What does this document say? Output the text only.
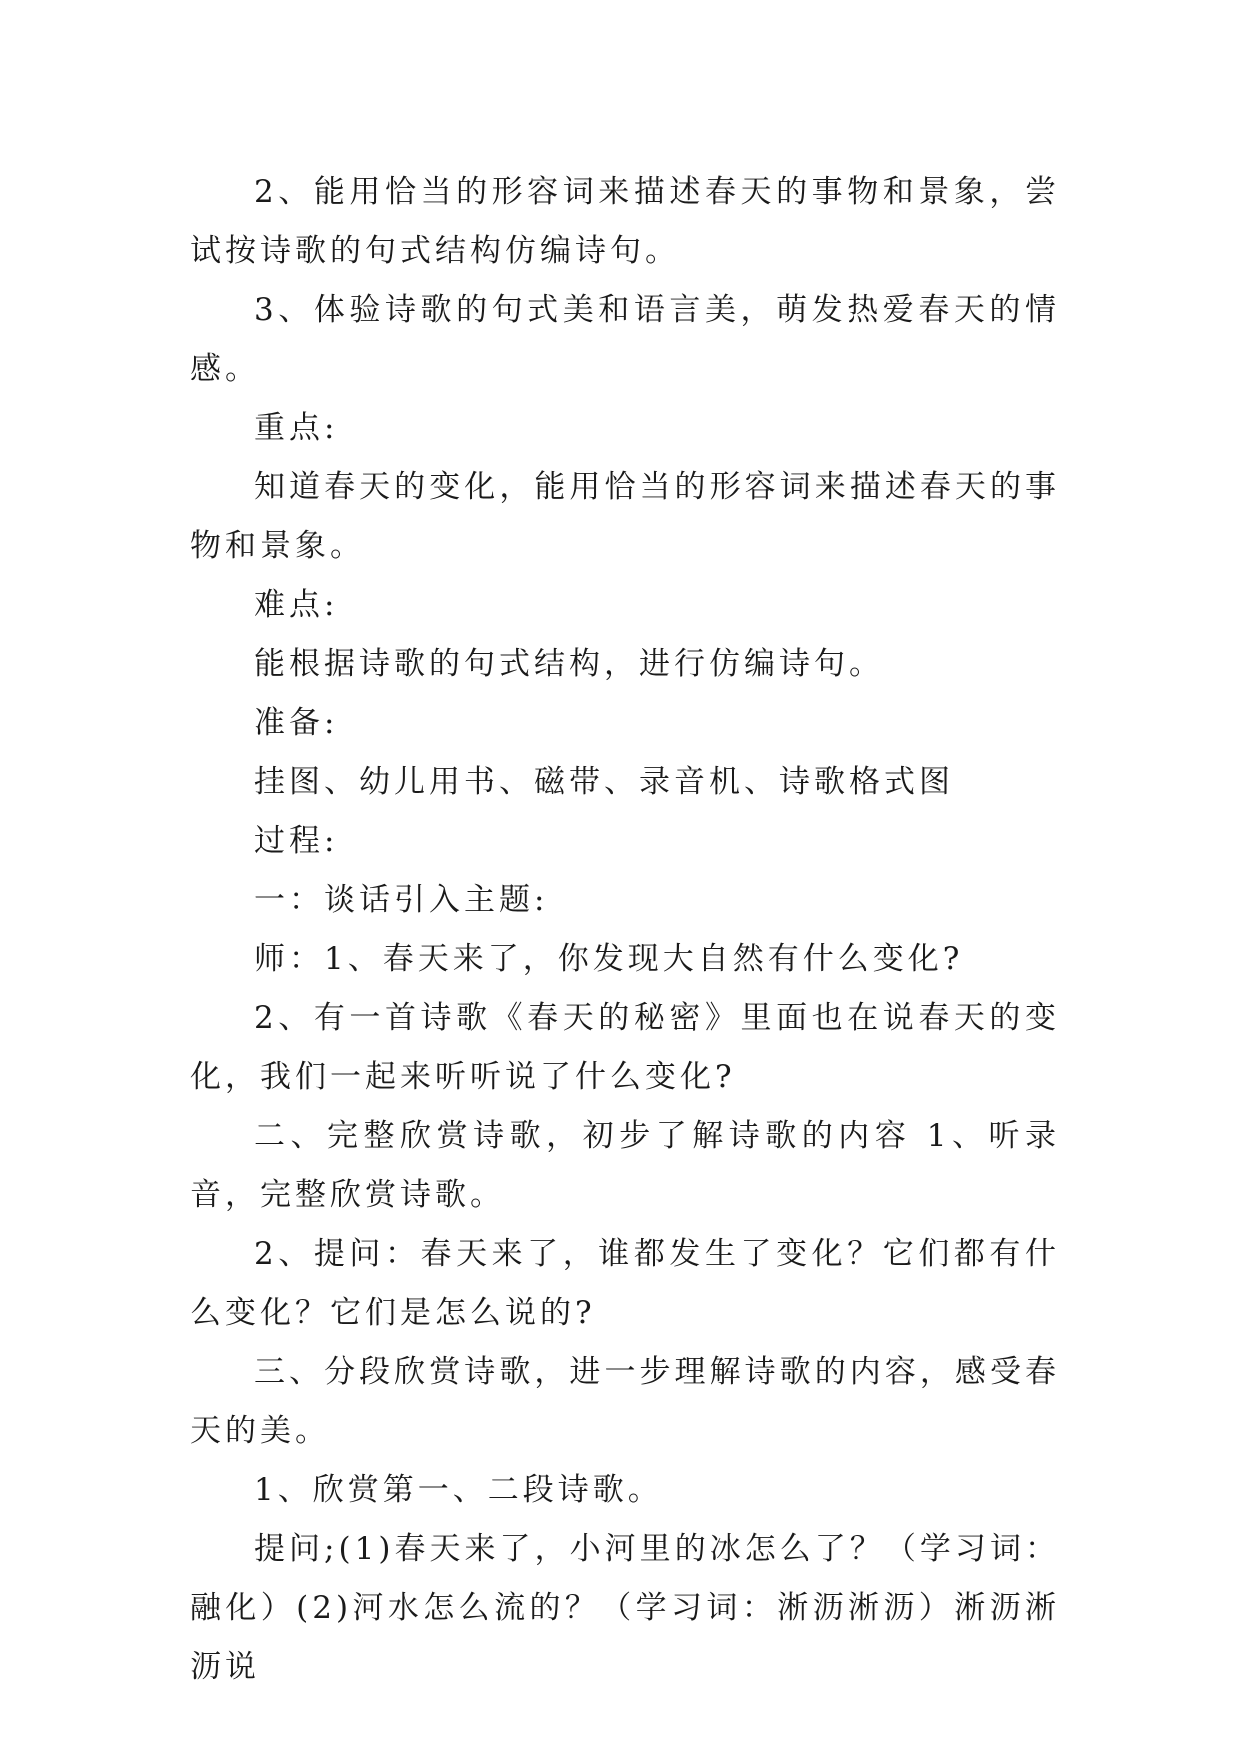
2、能用恰当的形容词来描述春天的事物和景象，尝试按诗歌的句式结构仿编诗句。

3、体验诗歌的句式美和语言美，萌发热爱春天的情感。

重点:

知道春天的变化，能用恰当的形容词来描述春天的事物和景象。

难点:

能根据诗歌的句式结构，进行仿编诗句。

准备:

挂图、幼儿用书、磁带、录音机、诗歌格式图

过程:

一：谈话引入主题:

师：1、春天来了，你发现大自然有什么变化?

2、有一首诗歌《春天的秘密》里面也在说春天的变化，我们一起来听听说了什么变化?

二、完整欣赏诗歌，初步了解诗歌的内容 1、听录音，完整欣赏诗歌。

2、提问：春天来了，谁都发生了变化？它们都有什么变化？它们是怎么说的?

三、分段欣赏诗歌，进一步理解诗歌的内容，感受春天的美。

1、欣赏第一、二段诗歌。

提问;(1)春天来了，小河里的冰怎么了？（学习词：融化）(2)河水怎么流的？（学习词：淅沥淅沥）淅沥淅沥说
